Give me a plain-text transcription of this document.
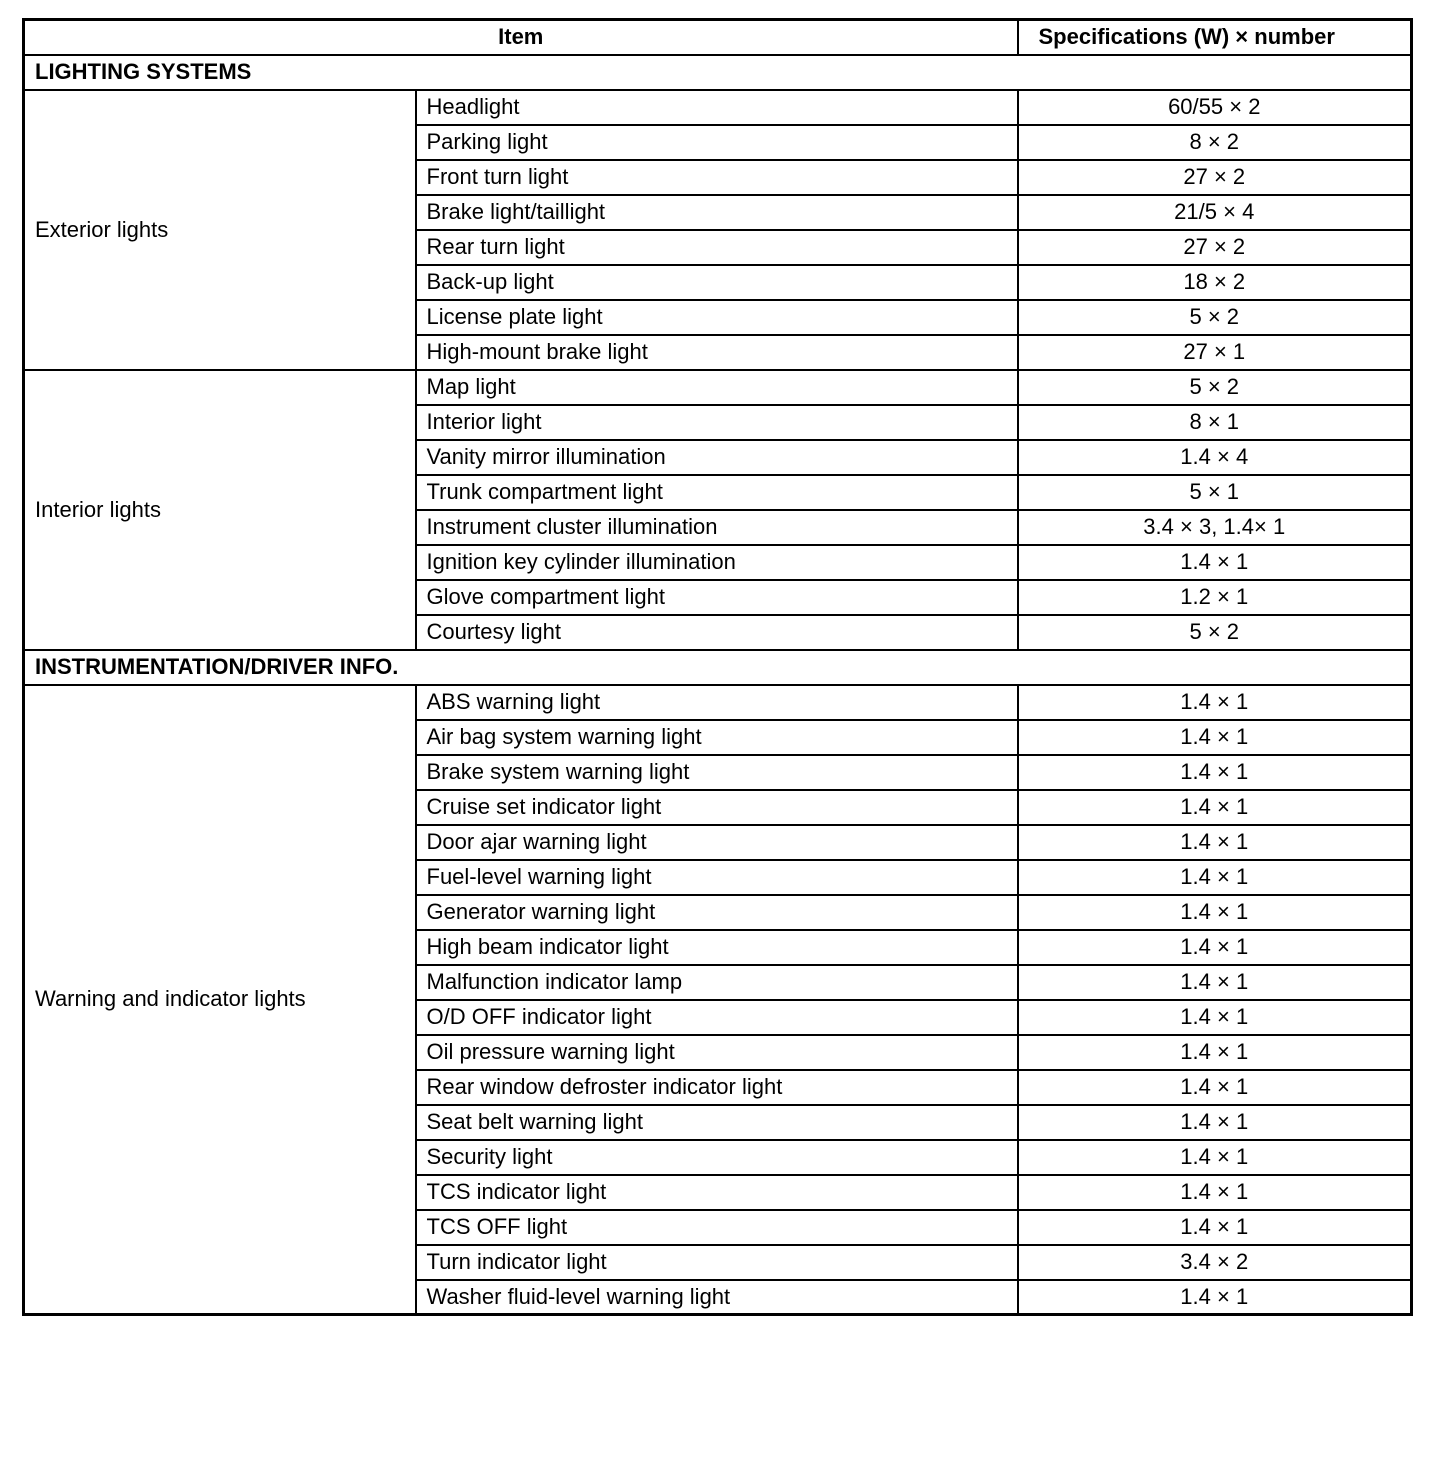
Item		Specifications (W) × number
LIGHTING SYSTEMS		
Exterior lights	Headlight	60/55 × 2
	Parking light	8 × 2
	Front turn light	27 × 2
	Brake light/taillight	21/5 × 4
	Rear turn light	27 × 2
	Back-up light	18 × 2
	License plate light	5 × 2
	High-mount brake light	27 × 1
Interior lights	Map light	5 × 2
	Interior light	8 × 1
	Vanity mirror illumination	1.4 × 4
	Trunk compartment light	5 × 1
	Instrument cluster illumination	3.4 × 3, 1.4× 1
	Ignition key cylinder illumination	1.4 × 1
	Glove compartment light	1.2 × 1
	Courtesy light	5 × 2
INSTRUMENTATION/DRIVER INFO.		
Warning and indicator lights	ABS warning light	1.4 × 1
	Air bag system warning light	1.4 × 1
	Brake system warning light	1.4 × 1
	Cruise set indicator light	1.4 × 1
	Door ajar warning light	1.4 × 1
	Fuel-level warning light	1.4 × 1
	Generator warning light	1.4 × 1
	High beam indicator light	1.4 × 1
	Malfunction indicator lamp	1.4 × 1
	O/D OFF indicator light	1.4 × 1
	Oil pressure warning light	1.4 × 1
	Rear window defroster indicator light	1.4 × 1
	Seat belt warning light	1.4 × 1
	Security light	1.4 × 1
	TCS indicator light	1.4 × 1
	TCS OFF light	1.4 × 1
	Turn indicator light	3.4 × 2
	Washer fluid-level warning light	1.4 × 1
